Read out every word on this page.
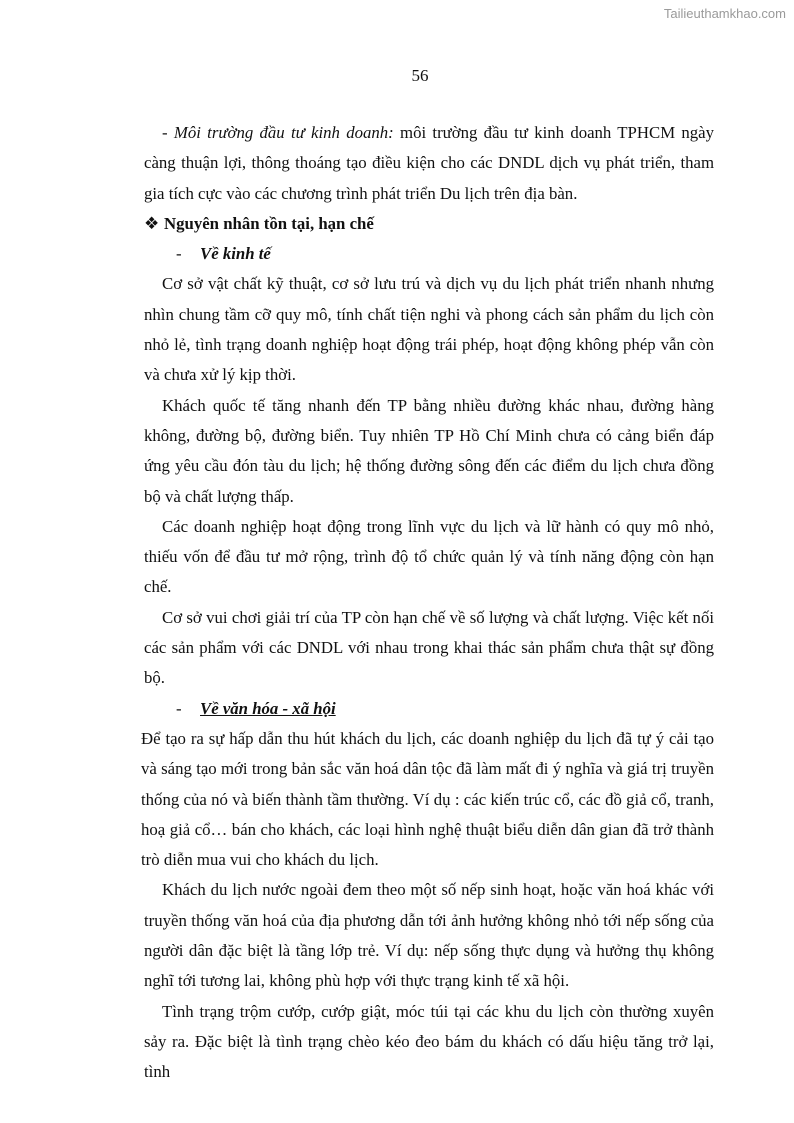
Tailieuthamkhao.com
56
- Môi trường đầu tư kinh doanh: môi trường đầu tư kinh doanh TPHCM ngày càng thuận lợi, thông thoáng tạo điều kiện cho các DNDL dịch vụ phát triển, tham gia tích cực vào các chương trình phát triển Du lịch trên địa bàn.
❖ Nguyên nhân tồn tại, hạn chế
- Về kinh tế
Cơ sở vật chất kỹ thuật, cơ sở lưu trú và dịch vụ du lịch phát triển nhanh nhưng nhìn chung tầm cỡ quy mô, tính chất tiện nghi và phong cách sản phẩm du lịch còn nhỏ lẻ, tình trạng doanh nghiệp hoạt động trái phép, hoạt động không phép vẫn còn và chưa xử lý kịp thời.
Khách quốc tế tăng nhanh đến TP bằng nhiều đường khác nhau, đường hàng không, đường bộ, đường biển. Tuy nhiên TP Hồ Chí Minh chưa có cảng biển đáp ứng yêu cầu đón tàu du lịch; hệ thống đường sông đến các điểm du lịch chưa đồng bộ và chất lượng thấp.
Các doanh nghiệp hoạt động trong lĩnh vực du lịch và lữ hành có quy mô nhỏ, thiếu vốn để đầu tư mở rộng, trình độ tổ chức quản lý và tính năng động còn hạn chế.
Cơ sở vui chơi giải trí của TP còn hạn chế về số lượng và chất lượng. Việc kết nối các sản phẩm với các DNDL với nhau trong khai thác sản phẩm chưa thật sự đồng bộ.
- Về văn hóa - xã hội
Để tạo ra sự hấp dẫn thu hút khách du lịch, các doanh nghiệp du lịch đã tự ý cải tạo và sáng tạo mới trong bản sắc văn hoá dân tộc đã làm mất đi ý nghĩa và giá trị truyền thống của nó và biến thành tầm thường. Ví dụ : các kiến trúc cổ, các đồ giả cổ, tranh, hoạ giả cổ… bán cho khách, các loại hình nghệ thuật biểu diễn dân gian đã trở thành trò diễn mua vui cho khách du lịch.
Khách du lịch nước ngoài đem theo một số nếp sinh hoạt, hoặc văn hoá khác với truyền thống văn hoá của địa phương dẫn tới ảnh hưởng không nhỏ tới nếp sống của người dân đặc biệt là tầng lớp trẻ. Ví dụ: nếp sống thực dụng và hưởng thụ không nghĩ tới tương lai, không phù hợp với thực trạng kinh tế xã hội.
Tình trạng trộm cướp, cướp giật, móc túi tại các khu du lịch còn thường xuyên sảy ra. Đặc biệt là tình trạng chèo kéo đeo bám du khách có dấu hiệu tăng trở lại, tình
